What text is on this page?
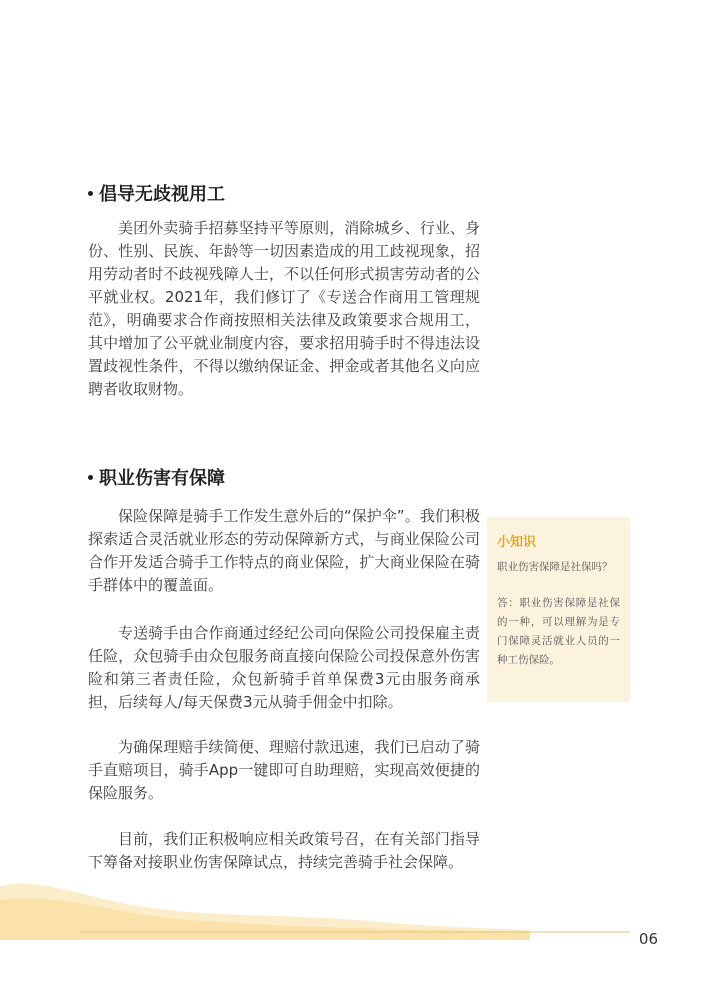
倡导无歧视用工

美团外卖骑手招募坚持平等原则，消除城乡、行业、身份、性别、民族、年龄等一切因素造成的用工歧视现象，招用劳动者时不歧视残障人士，不以任何形式损害劳动者的公平就业权。2021年，我们修订了《专送合作商用工管理规范》，明确要求合作商按照相关法律及政策要求合规用工，其中增加了公平就业制度内容，要求招用骑手时不得违法设置歧视性条件，不得以缴纳保证金、押金或者其他名义向应聘者收取财物。

职业伤害有保障

保险保障是骑手工作发生意外后的“保护伞”。我们积极探索适合灵活就业形态的劳动保障新方式，与商业保险公司合作开发适合骑手工作特点的商业保险，扩大商业保险在骑手群体中的覆盖面。

专送骑手由合作商通过经纪公司向保险公司投保雇主责任险，众包骑手由众包服务商直接向保险公司投保意外伤害险和第三者责任险，众包新骑手首单保费3元由服务商承担，后续每人/每天保费3元从骑手佣金中扣除。

为确保理赔手续简便、理赔付款迅速，我们已启动了骑手直赔项目，骑手App一键即可自助理赔，实现高效便捷的保险服务。

目前，我们正积极响应相关政策号召，在有关部门指导下筹备对接职业伤害保障试点，持续完善骑手社会保障。

小知识

职业伤害保障是社保吗？

答：职业伤害保障是社保的一种，可以理解为是专门保障灵活就业人员的一种工伤保险。

06
